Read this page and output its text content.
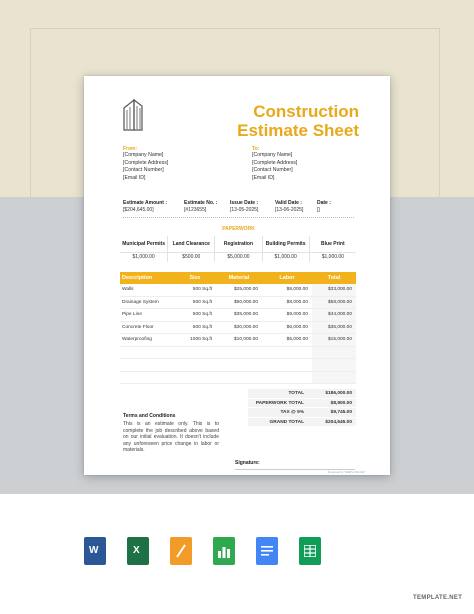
Construction
Estimate Sheet
From:
[Company Name]
[Complete Address]
[Contact Number]
[Email ID]
To:
[Company Name]
[Complete Address]
[Contact Number]
[Email ID]
Estimate Amount :	Estimate No. :	Issue Date :	Valid Date :	Date :
[$204,645.00]	[#123655]	[13-05-2025]	[13-06-2025]	[]
PAPERWORK
Municipal Permits	Land Clearance	Registration	Building Permits	Blue Print
$1,000.00	$500.00	$5,000.00	$1,000.00	$1,000.00
Description	Size	Material	Labor	Total
Walls	500 Sq.ft	$25,000.00	$8,000.00	$33,000.00
Drainage System	500 Sq.ft	$50,000.00	$8,000.00	$58,000.00
Pipe Line	500 Sq.ft	$35,000.00	$9,000.00	$44,000.00
Concrete Floor	500 Sq.ft	$30,000.00	$6,000.00	$36,000.00
Waterproofing	1000 Sq.ft	$10,000.00	$5,000.00	$15,000.00
TOTAL	$186,000.00
PAPERWORK TOTAL	$8,900.00
TAX @ 5%	$9,745.00
GRAND TOTAL	$204,645.00
Terms and Conditions
This is an estimate only. This is to complete the job described above based on our initial evaluation. It doesn't include any unforeseen price change in labor or materials.
Signature:
Designed by TEMPLATE.NET
W	X
TEMPLATE.NET
